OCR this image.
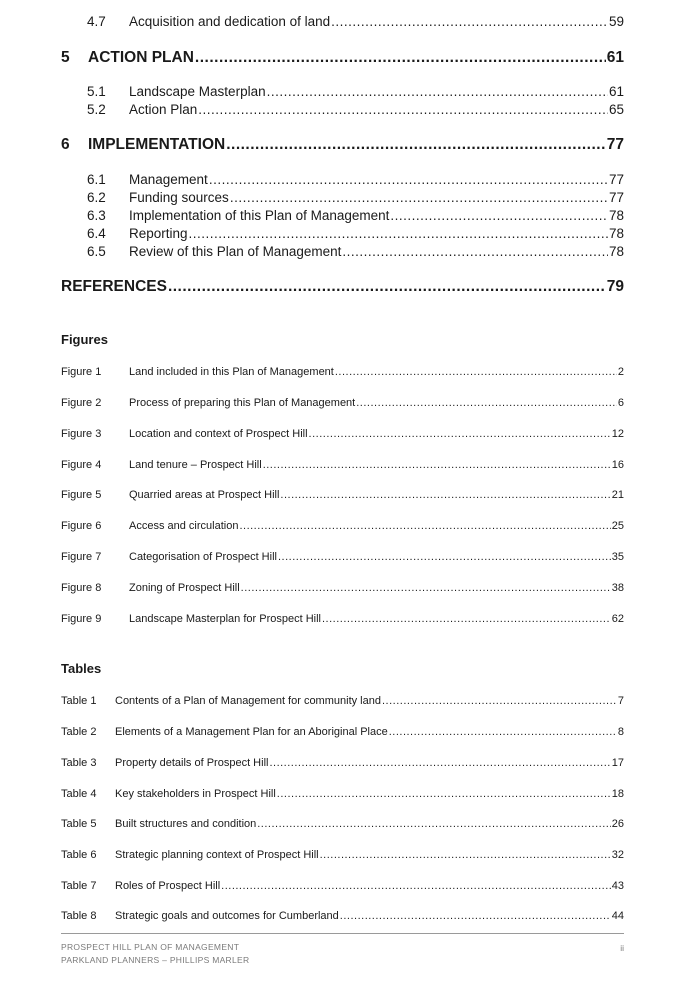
4.7	Acquisition and dedication of land .....	59
5	ACTION PLAN .....	61
5.1	Landscape Masterplan .....	61
5.2	Action Plan .....	65
6	IMPLEMENTATION .....	77
6.1	Management .....	77
6.2	Funding sources .....	77
6.3	Implementation of this Plan of Management .....	78
6.4	Reporting .....	78
6.5	Review of this Plan of Management .....	78
REFERENCES .....	79
Figures
Figure 1	Land included in this Plan of Management .....	2
Figure 2	Process of preparing this Plan of Management .....	6
Figure 3	Location and context of Prospect Hill .....	12
Figure 4	Land tenure – Prospect Hill .....	16
Figure 5	Quarried areas at Prospect Hill .....	21
Figure 6	Access and circulation .....	25
Figure 7	Categorisation of Prospect Hill .....	35
Figure 8	Zoning of Prospect Hill .....	38
Figure 9	Landscape Masterplan for Prospect Hill .....	62
Tables
Table 1	Contents of a Plan of Management for community land .....	7
Table 2	Elements of a Management Plan for an Aboriginal Place .....	8
Table 3	Property details of Prospect Hill .....	17
Table 4	Key stakeholders in Prospect Hill .....	18
Table 5	Built structures and condition .....	26
Table 6	Strategic planning context of Prospect Hill .....	32
Table 7	Roles of Prospect Hill .....	43
Table 8	Strategic goals and outcomes for Cumberland .....	44
PROSPECT HILL PLAN OF MANAGEMENT
PARKLAND PLANNERS – PHILLIPS MARLER
ii
